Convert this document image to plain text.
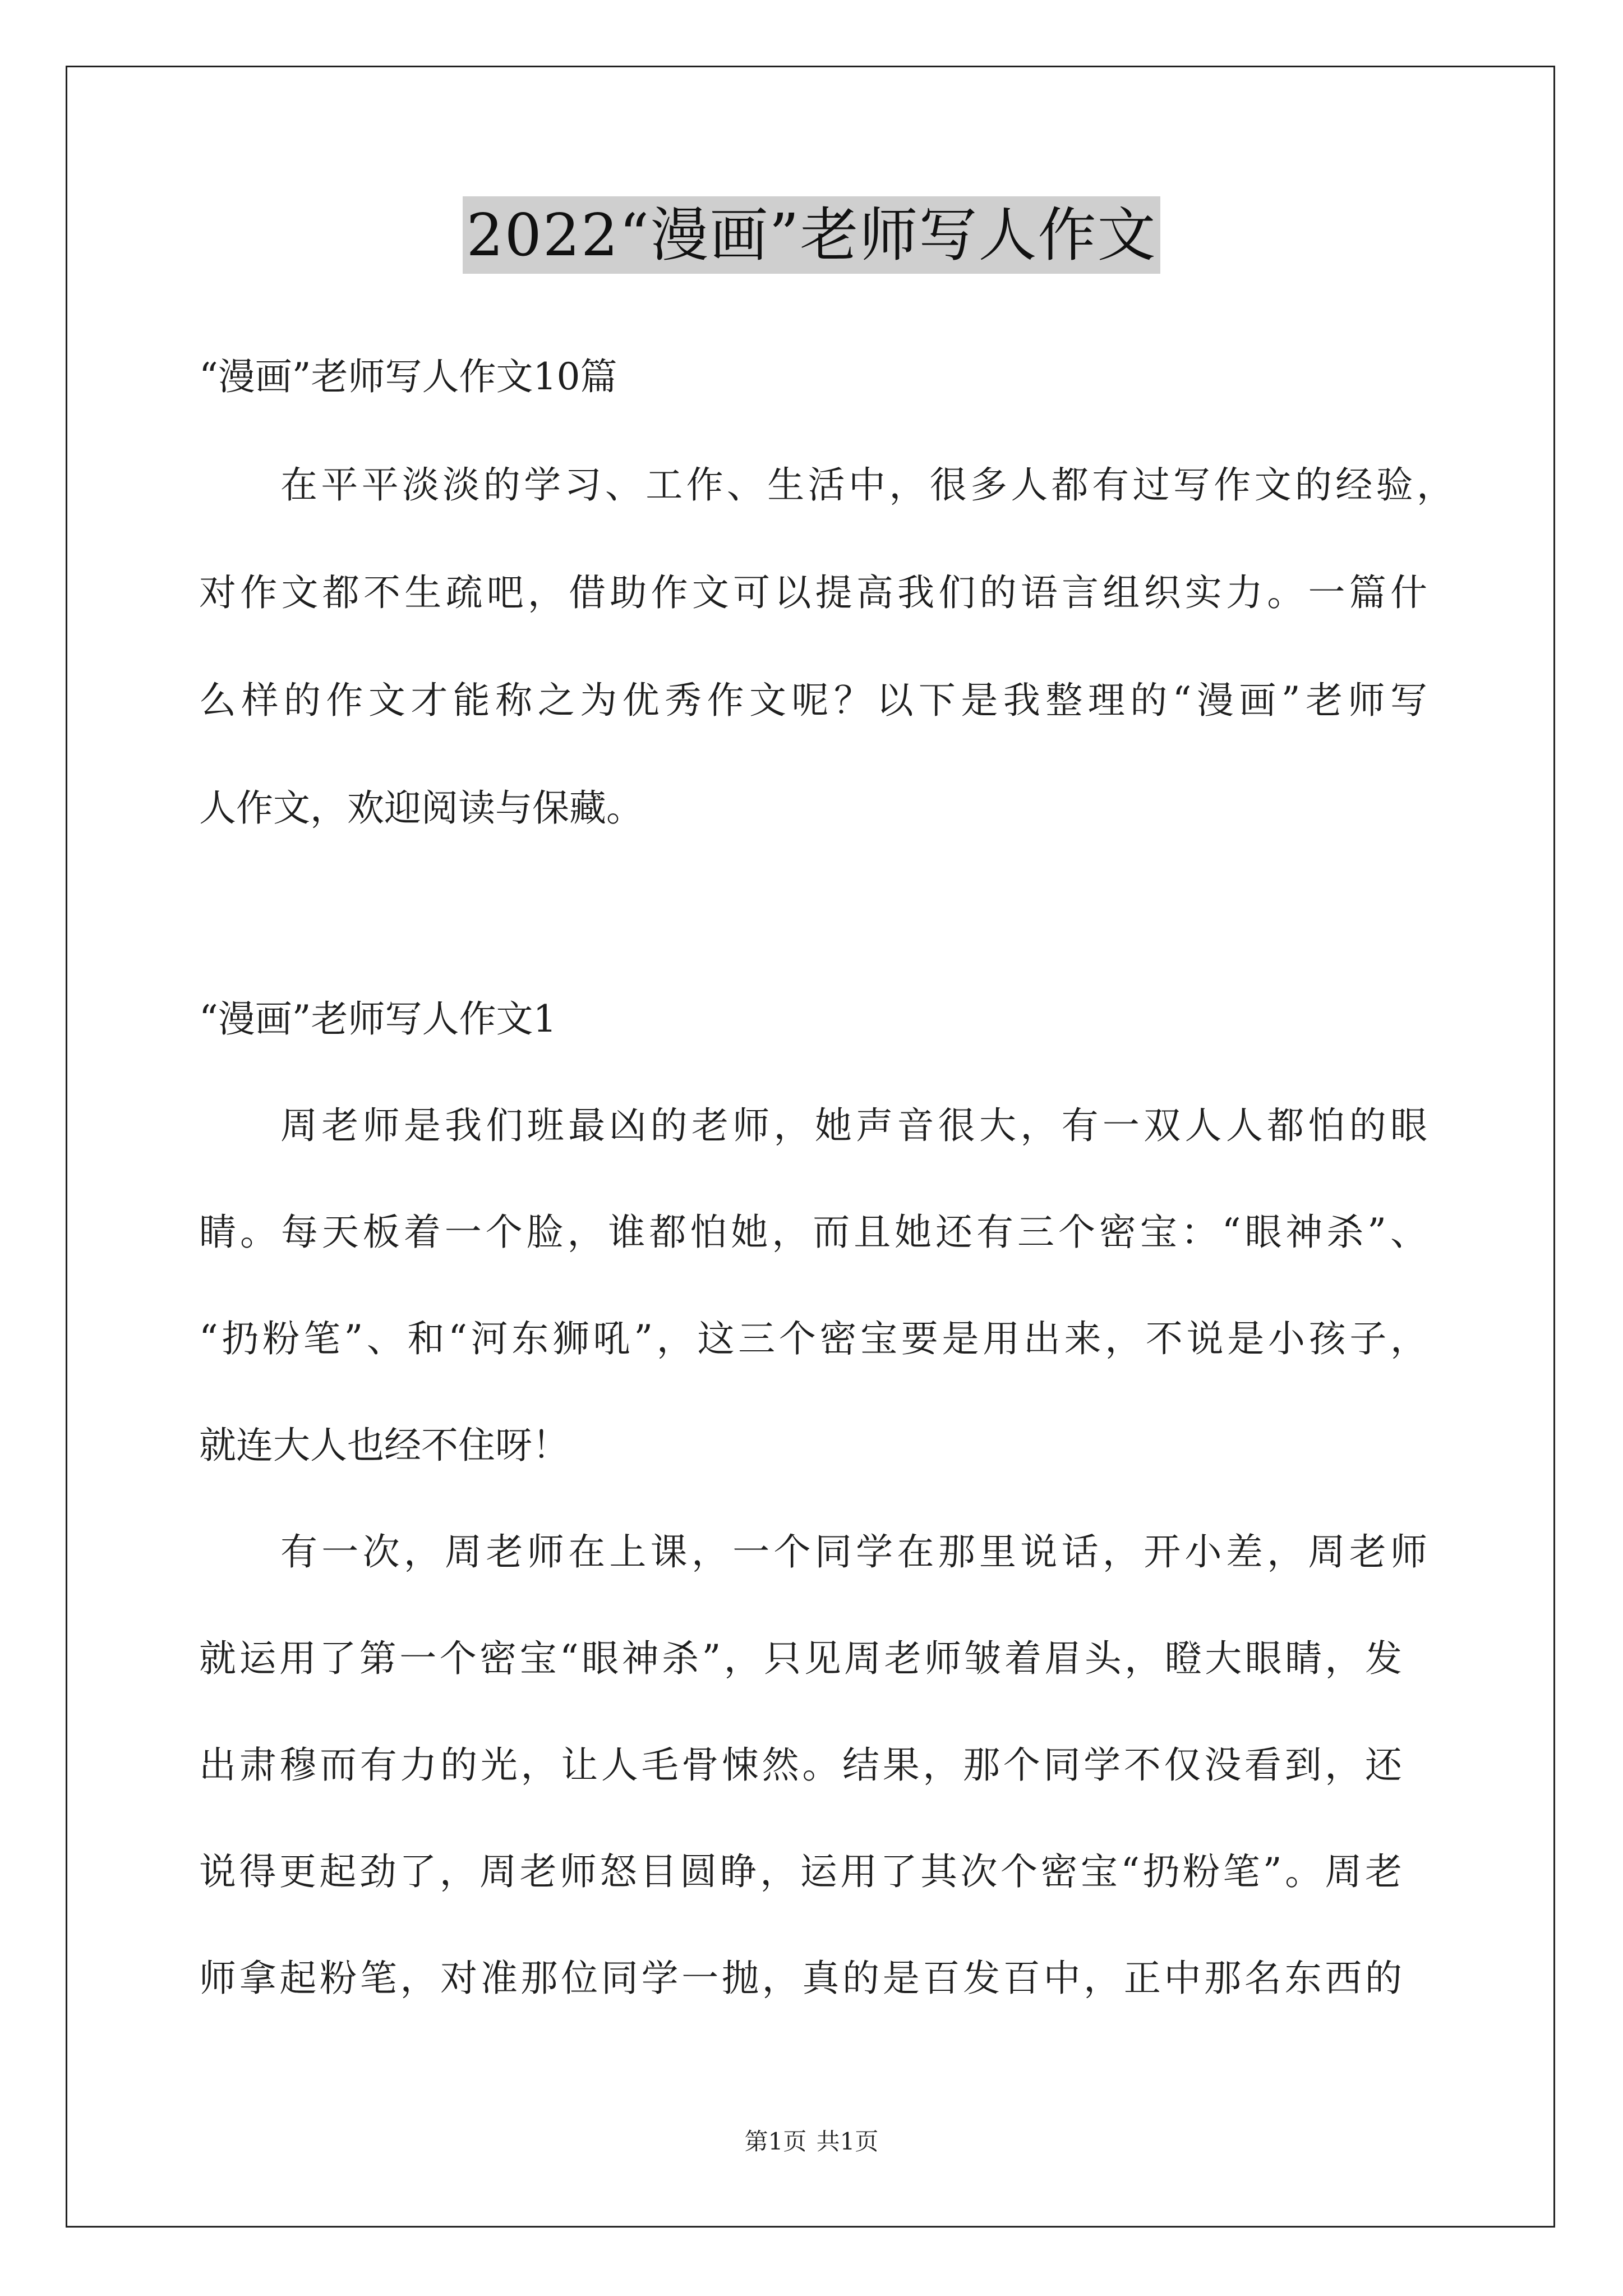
2022“漫画”老师写人作文
“漫画”老师写人作文10篇
在平平淡淡的学习、工作、生活中，很多人都有过写作文的经验，
对作文都不生疏吧，借助作文可以提高我们的语言组织实力。一篇什
么样的作文才能称之为优秀作文呢？以下是我整理的“漫画”老师写
人作文，欢迎阅读与保藏。
“漫画”老师写人作文1
周老师是我们班最凶的老师，她声音很大，有一双人人都怕的眼
睛。每天板着一个脸，谁都怕她，而且她还有三个密宝：“眼神杀”、
“扔粉笔”、和“河东狮吼”，这三个密宝要是用出来，不说是小孩子，
就连大人也经不住呀！
有一次，周老师在上课，一个同学在那里说话，开小差，周老师
就运用了第一个密宝“眼神杀”，只见周老师皱着眉头，瞪大眼睛，发
出肃穆而有力的光，让人毛骨悚然。结果，那个同学不仅没看到，还
说得更起劲了，周老师怒目圆睁，运用了其次个密宝“扔粉笔”。周老
师拿起粉笔，对准那位同学一抛，真的是百发百中，正中那名东西的
第1页 共1页
